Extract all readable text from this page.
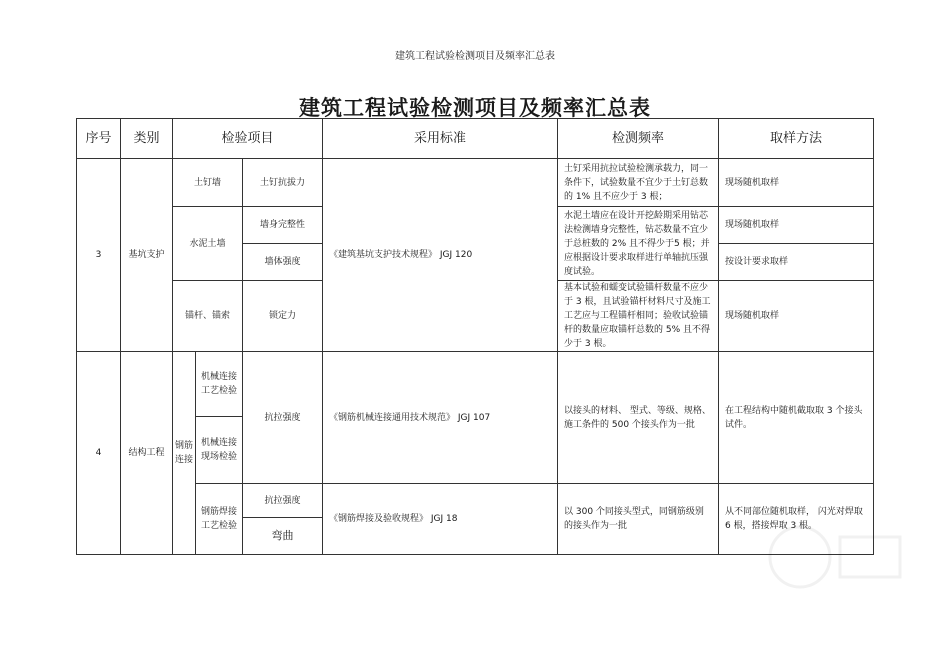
建筑工程试验检测项目及频率汇总表
建筑工程试验检测项目及频率汇总表
序号	类别	检验项目			采用标准	检测频率	取样方法
3	基坑支护	土钉墙		土钉抗拔力	《建筑基坑支护技术规程》 JGJ 120	土钉采用抗拉试验检测承载力，同一条件下，试验数量不宜少于土钉总数的 1% 且不应少于 3 根；	现场随机取样
		水泥土墙		墙身完整性		水泥土墙应在设计开挖龄期采用钻芯法检测墙身完整性，钻芯数量不宜少于总桩数的 2% 且不得少于5 根；并应根据设计要求取样进行单轴抗压强度试验。	现场随机取样
				墙体强度			按设计要求取样
		锚杆、锚索		锁定力		基本试验和蠕变试验锚杆数量不应少于 3 根，且试验锚杆材料尺寸及施工工艺应与工程锚杆相同；验收试验锚杆的数量应取锚杆总数的 5% 且不得少于 3 根。	现场随机取样
4	结构工程	钢筋连接	机械连接工艺检验	抗拉强度	《钢筋机械连接通用技术规范》 JGJ 107	以接头的材料、 型式、等级、规格、施工条件的 500 个接头作为一批	在工程结构中随机截取取 3 个接头试件。
			机械连接现场检验				
			钢筋焊接工艺检验	抗拉强度	《钢筋焊接及验收规程》 JGJ 18	以 300 个同接头型式，同钢筋级别的接头作为一批	从不同部位随机取样， 闪光对焊取 6 根，搭接焊取 3 根。
				弯曲			
